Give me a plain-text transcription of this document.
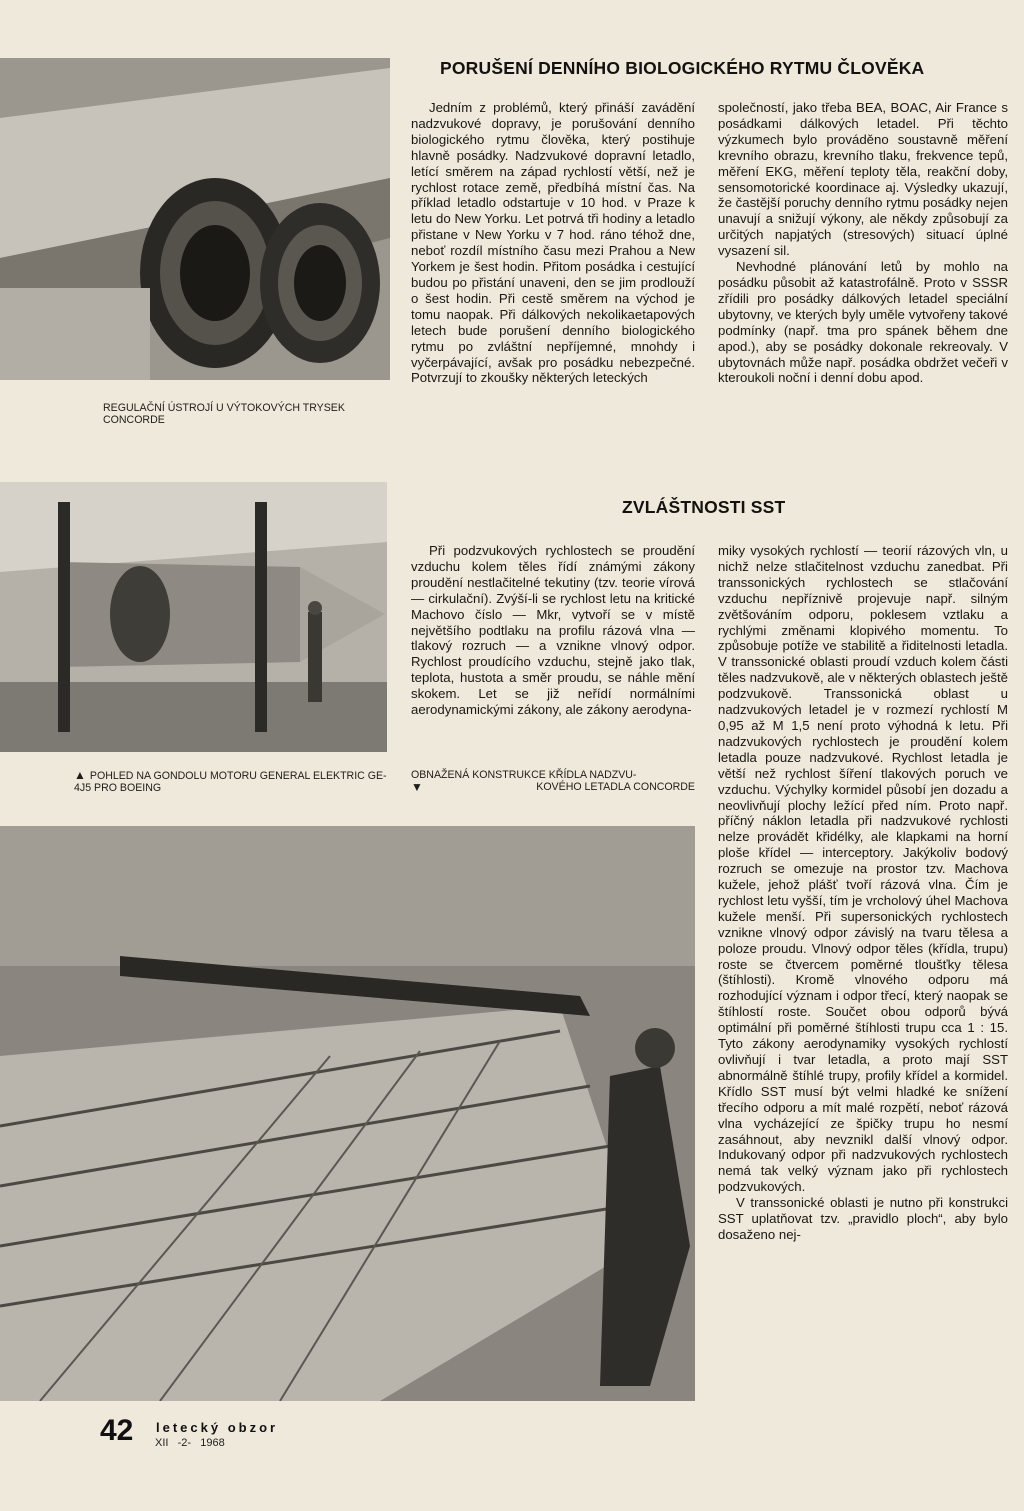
REGULAČNÍ ÚSTROJÍ U VÝTOKOVÝCH TRYSEK CONCORDE
PORUŠENÍ DENNÍHO BIOLOGICKÉHO RYTMU ČLOVĚKA

Jedním z problémů, který přináší zavádění nadzvukové dopravy, je porušování denního biologického rytmu člověka, který postihuje hlavně posádky. Nadzvukové dopravní letadlo, letící směrem na západ rychlostí větší, než je rychlost rotace země, předbíhá místní čas. Na příklad letadlo odstartuje v 10 hod. v Praze k letu do New Yorku. Let potrvá tři hodiny a letadlo přistane v New Yorku v 7 hod. ráno téhož dne, neboť rozdíl místního času mezi Prahou a New Yorkem je šest hodin. Přitom posádka i cestující budou po přistání unaveni, den se jim prodlouží o šest hodin. Při cestě směrem na východ je tomu naopak. Při dálkových nekolikaetapových letech bude porušení denního biologického rytmu po zvláštní nepříjemné, mnohdy i vyčerpávající, avšak pro posádku nebezpečné. Potvrzují to zkoušky některých leteckých

společností, jako třeba BEA, BOAC, Air France s posádkami dálkových letadel. Při těchto výzkumech bylo prováděno soustavně měření krevního obrazu, krevního tlaku, frekvence tepů, měření EKG, měření teploty těla, reakční doby, sensomotorické koordinace aj. Výsledky ukazují, že častější poruchy denního rytmu posádky nejen unavují a snižují výkony, ale někdy způsobují za určitých napjatých (stresových) situací úplné vysazení sil.

Nevhodné plánování letů by mohlo na posádku působit až katastrofálně. Proto v SSSR zřídili pro posádky dálkových letadel speciální ubytovny, ve kterých byly uměle vytvořeny takové podmínky (např. tma pro spánek během dne apod.), aby se posádky dokonale rekreovaly. V ubytovnách může např. posádka obdržet večeři v kteroukoli noční i denní dobu apod.

▲ POHLED NA GONDOLU MOTORU GENERAL ELEKTRIC GE-4J5 PRO BOEING
ZVLÁŠTNOSTI SST

Při podzvukových rychlostech se proudění vzduchu kolem těles řídí známými zákony proudění nestlačitelné tekutiny (tzv. teorie vírová — cirkulační). Zvýší-li se rychlost letu na kritické Machovo číslo — Mkr, vytvoří se v místě největšího podtlaku na profilu rázová vlna — tlakový rozruch — a vznikne vlnový odpor. Rychlost proudícího vzduchu, stejně jako tlak, teplota, hustota a směr proudu, se náhle mění skokem. Let se již neřídí normálními aerodynamickými zákony, ale zákony aerodyna-

OBNAŽENÁ KONSTRUKCE KŘÍDLA NADZVU-
▼	KOVÉHO LETADLA CONCORDE

miky vysokých rychlostí — teorií rázových vln, u nichž nelze stlačitelnost vzduchu zanedbat. Při transsonických rychlostech se stlačování vzduchu nepříznivě projevuje např. silným zvětšováním odporu, poklesem vztlaku a rychlými změnami klopivého momentu. To způsobuje potíže ve stabilitě a řiditelnosti letadla. V transsonické oblasti proudí vzduch kolem části těles nadzvukově, ale v některých oblastech ještě podzvukově. Transsonická oblast u nadzvukových letadel je v rozmezí rychlostí M 0,95 až M 1,5 není proto výhodná k letu. Při nadzvukových rychlostech je proudění kolem letadla pouze nadzvukové. Rychlost letadla je větší než rychlost šíření tlakových poruch ve vzduchu. Výchylky kormidel působí jen dozadu a neovlivňují plochy ležící před ním. Proto např. příčný náklon letadla při nadzvukové rychlosti nelze provádět křidélky, ale klapkami na horní ploše křídel — interceptory. Jakýkoliv bodový rozruch se omezuje na prostor tzv. Machova kužele, jehož plášť tvoří rázová vlna. Čím je rychlost letu vyšší, tím je vrcholový úhel Machova kužele menší. Při supersonických rychlostech vznikne vlnový odpor závislý na tvaru tělesa a poloze proudu. Vlnový odpor těles (křídla, trupu) roste se čtvercem poměrné tloušťky tělesa (štíhlosti). Kromě vlnového odporu má rozhodující význam i odpor třecí, který naopak se štíhlostí roste. Součet obou odporů bývá optimální při poměrné štíhlosti trupu cca 1 : 15. Tyto zákony aerodynamiky vysokých rychlostí ovlivňují i tvar letadla, a proto mají SST abnormálně štíhlé trupy, profily křídel a kormidel. Křídlo SST musí být velmi hladké ke snížení třecího odporu a mít malé rozpětí, neboť rázová vlna vycházející ze špičky trupu ho nesmí zasáhnout, aby nevznikl další vlnový odpor. Indukovaný odpor při nadzvukových rychlostech nemá tak velký význam jako při rychlostech podzvukových.

V transsonické oblasti je nutno při konstrukci SST uplatňovat tzv. „pravidlo ploch“, aby bylo dosaženo nej-

42 letecký obzor
XII   -2-   1968
